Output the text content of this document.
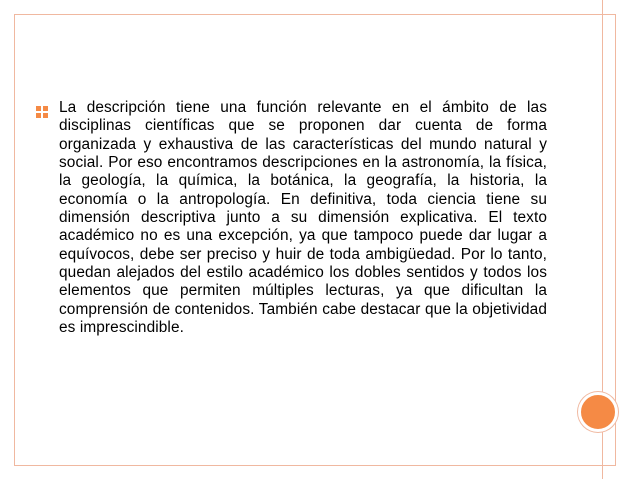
La descripción tiene una función relevante en el ámbito de las disciplinas científicas que se proponen dar cuenta de forma organizada y exhaustiva de las características del mundo natural y social. Por eso encontramos descripciones en la astronomía, la física, la geología, la química, la botánica, la geografía, la historia, la economía o la antropología. En definitiva, toda ciencia tiene su dimensión descriptiva junto a su dimensión explicativa. El texto académico no es una excepción, ya que tampoco puede dar lugar a equívocos, debe ser preciso y huir de toda ambigüedad. Por lo tanto, quedan alejados del estilo académico los dobles sentidos y todos los elementos que permiten múltiples lecturas, ya que dificultan la comprensión de contenidos. También cabe destacar que la objetividad es imprescindible.
